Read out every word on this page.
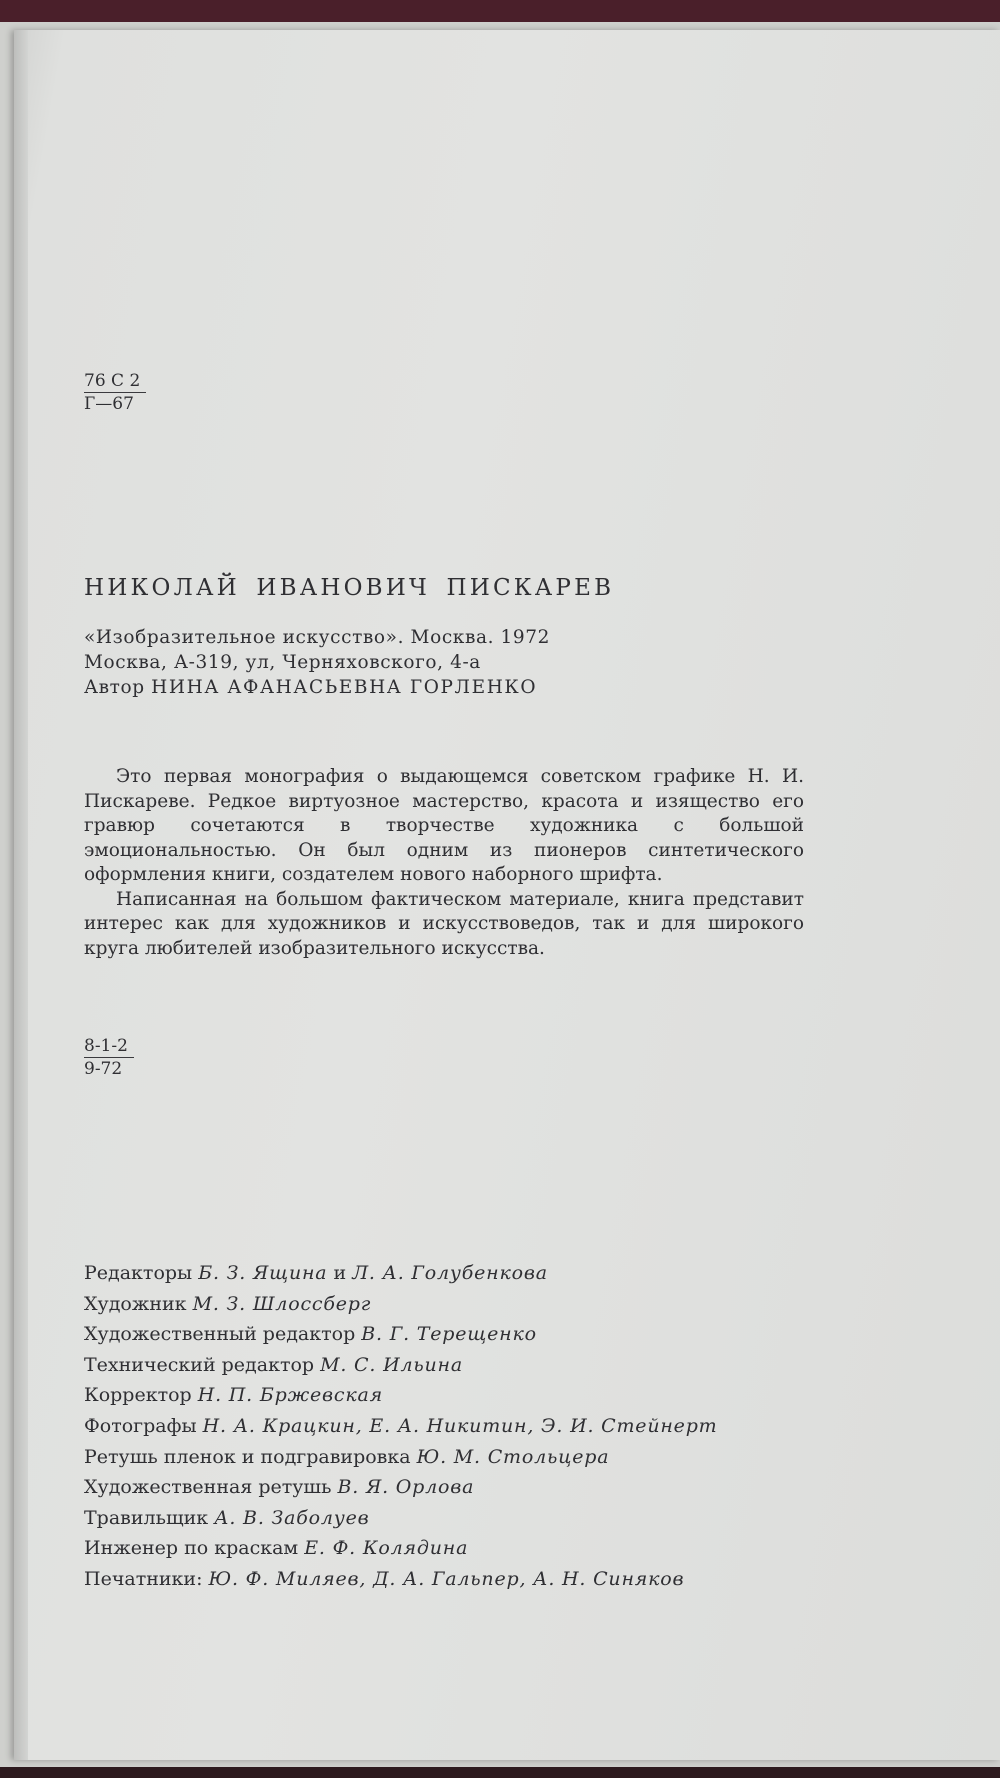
76 С 2
Г—67
НИКОЛАЙ ИВАНОВИЧ ПИСКАРЕВ
«Изобразительное искусство». Москва. 1972
Москва, А-319, ул, Черняховского, 4-а
Автор НИНА АФАНАСЬЕВНА ГОРЛЕНКО

Это первая монография о выдающемся советском графике Н. И. Пискареве. Редкое виртуозное мастерство, красота и изящество его гравюр сочетаются в творчестве художника с большой эмоциональностью. Он был одним из пионеров синтетического оформления книги, создателем нового наборного шрифта.

Написанная на большом фактическом материале, книга представит интерес как для художников и искусствоведов, так и для широкого круга любителей изобразительного искусства.

$\frac{8-1-2}{9-72}$
Редакторы Б. З. Ящина и Л. А. Голубенкова
Художник М. З. Шлоссберг
Художественный редактор В. Г. Терещенко
Технический редактор М. С. Ильина
Корректор Н. П. Бржевская
Фотографы Н. А. Крацкин, Е. А. Никитин, Э. И. Стейнерт
Ретушь пленок и подгравировка Ю. М. Стольцера
Художественная ретушь В. Я. Орлова
Травильщик А. В. Заболуев
Инженер по краскам Е. Ф. Колядина
Печатники: Ю. Ф. Миляев, Д. А. Гальпер, А. Н. Синяков
